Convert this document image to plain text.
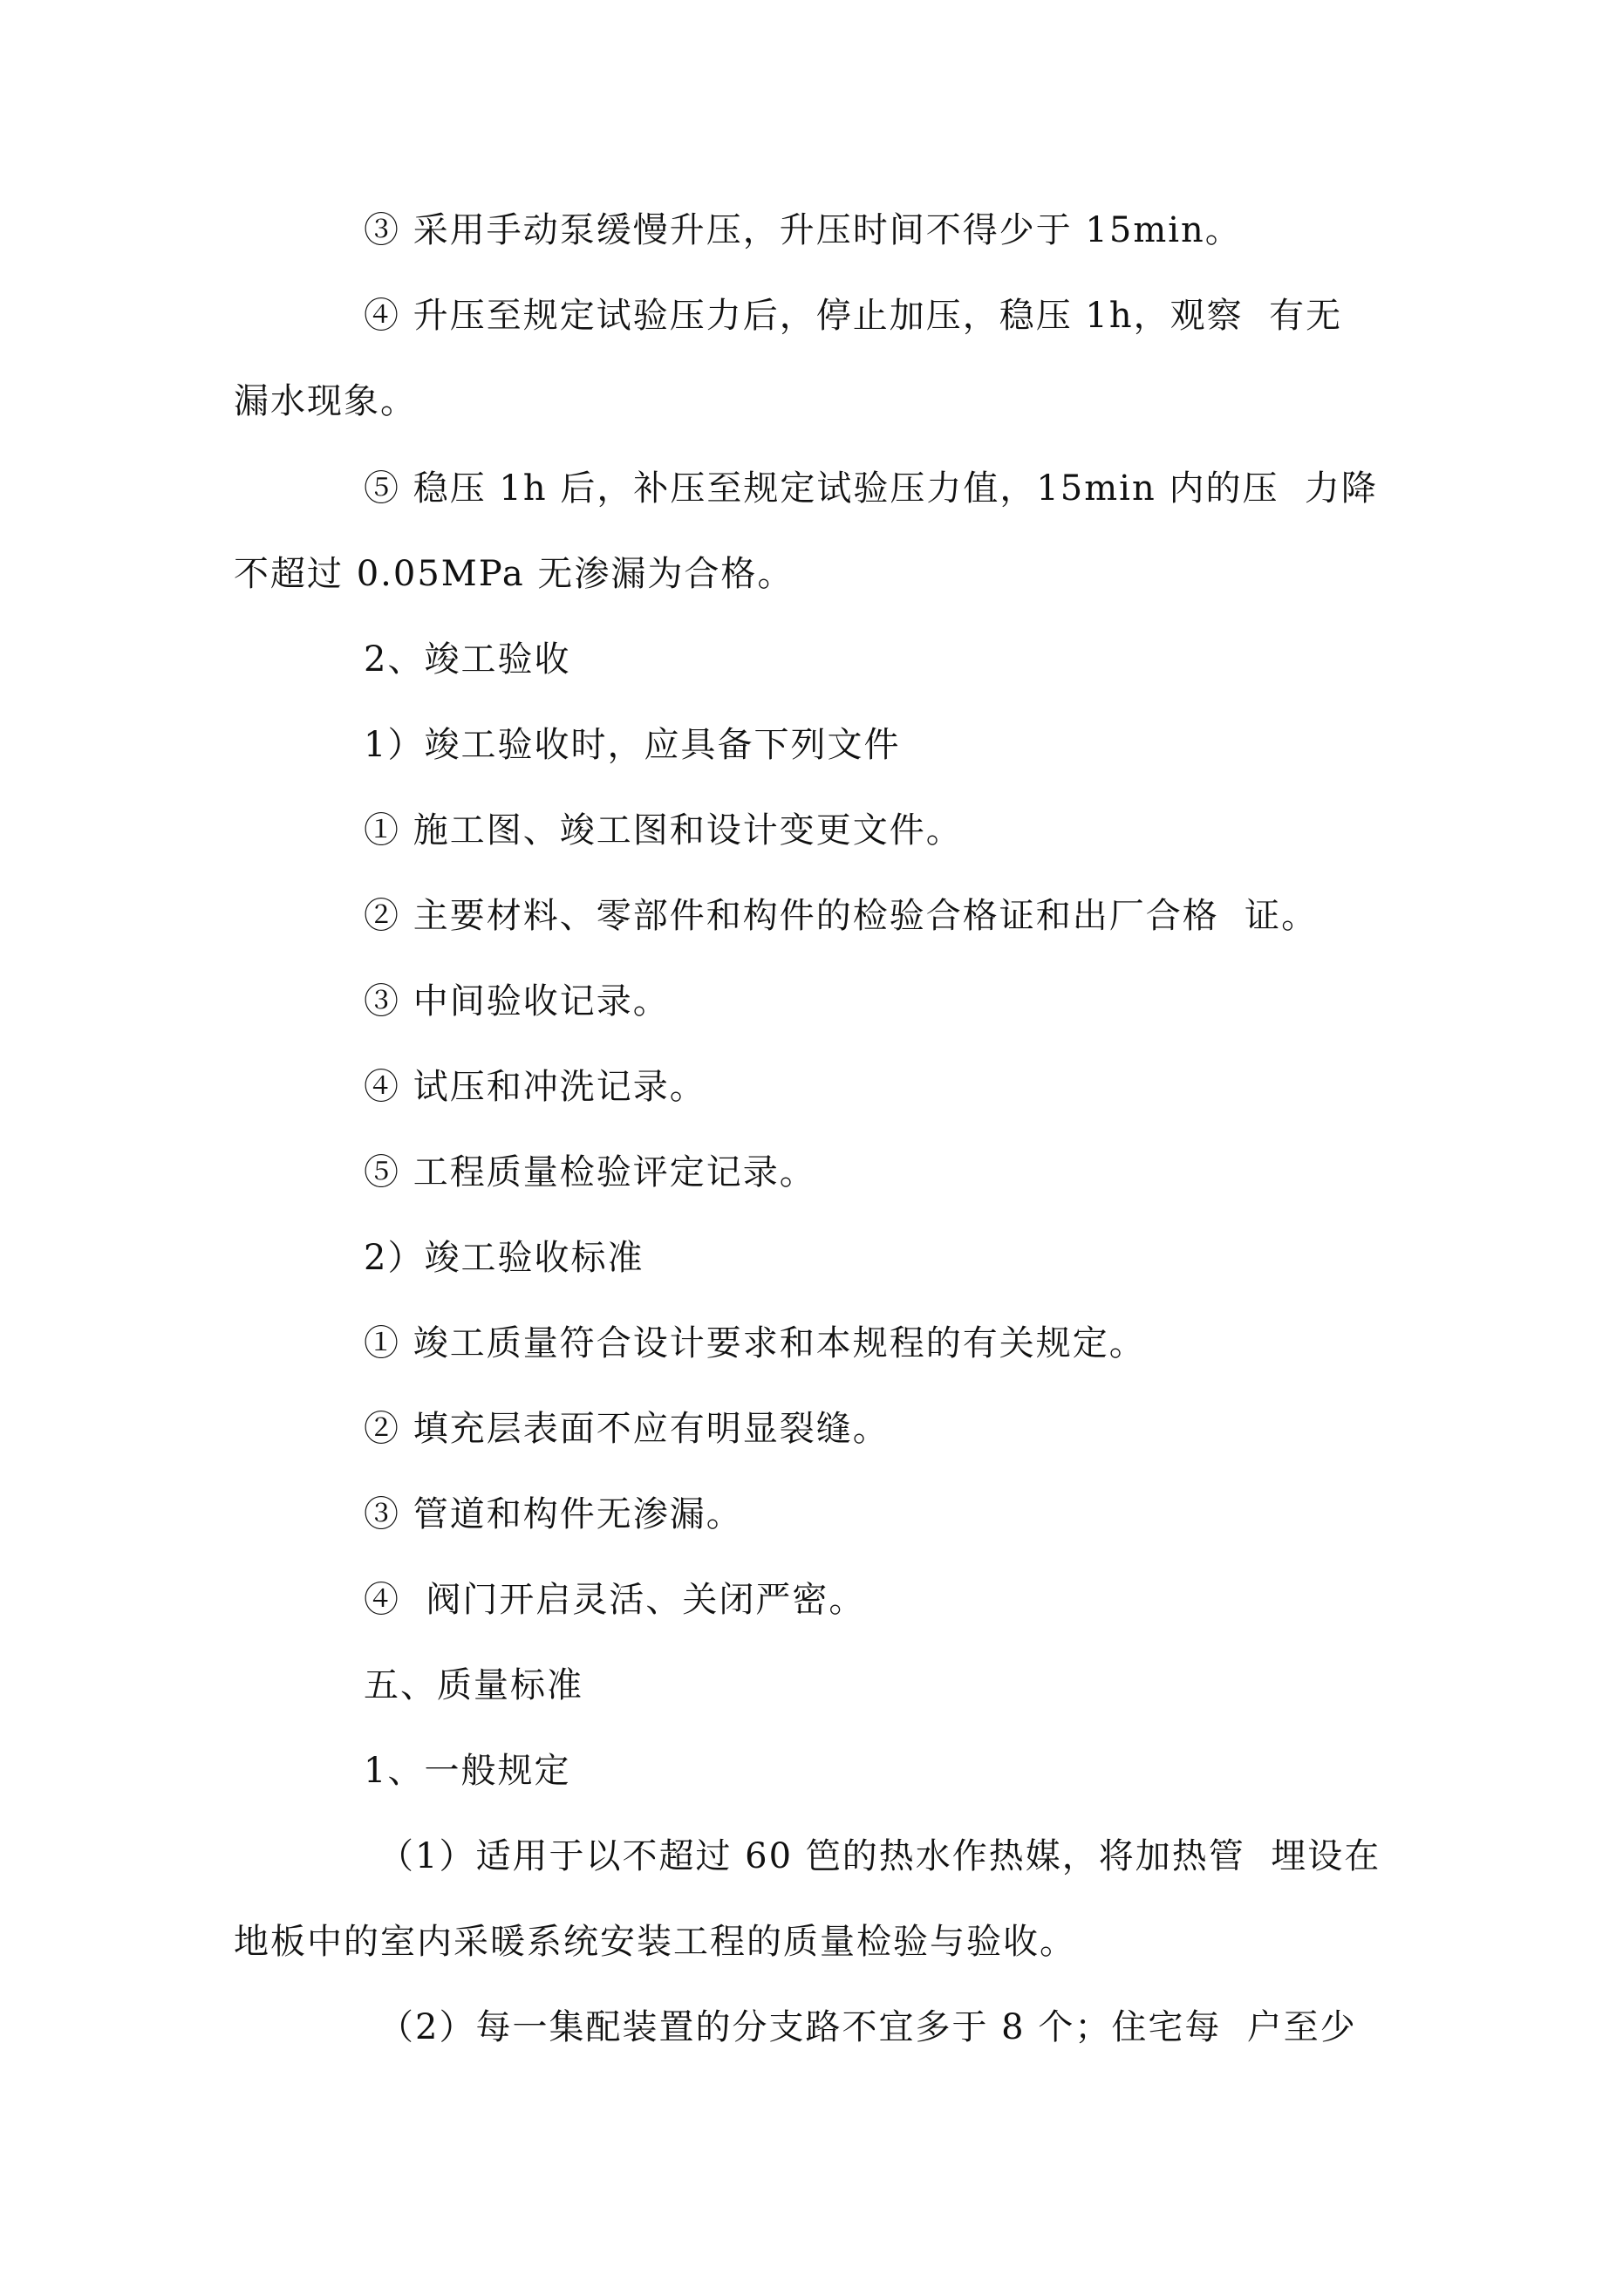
③ 采用手动泵缓慢升压，升压时间不得少于 15min。
④ 升压至规定试验压力后，停止加压，稳压 1h，观察  有无
漏水现象。
⑤ 稳压 1h 后，补压至规定试验压力值，15min 内的压  力降
不超过 0.05MPa 无渗漏为合格。
2、竣工验收
1）竣工验收时，应具备下列文件
① 施工图、竣工图和设计变更文件。
② 主要材料、零部件和构件的检验合格证和出厂合格  证。
③ 中间验收记录。
④ 试压和冲洗记录。
⑤ 工程质量检验评定记录。
2）竣工验收标准
① 竣工质量符合设计要求和本规程的有关规定。
② 填充层表面不应有明显裂缝。
③ 管道和构件无渗漏。
④  阀门开启灵活、关闭严密。
五、质量标准
1、一般规定
（1）适用于以不超过 60 笆的热水作热媒，将加热管  埋设在
地板中的室内采暖系统安装工程的质量检验与验收。
（2）每一集配装置的分支路不宜多于 8 个；住宅每  户至少
